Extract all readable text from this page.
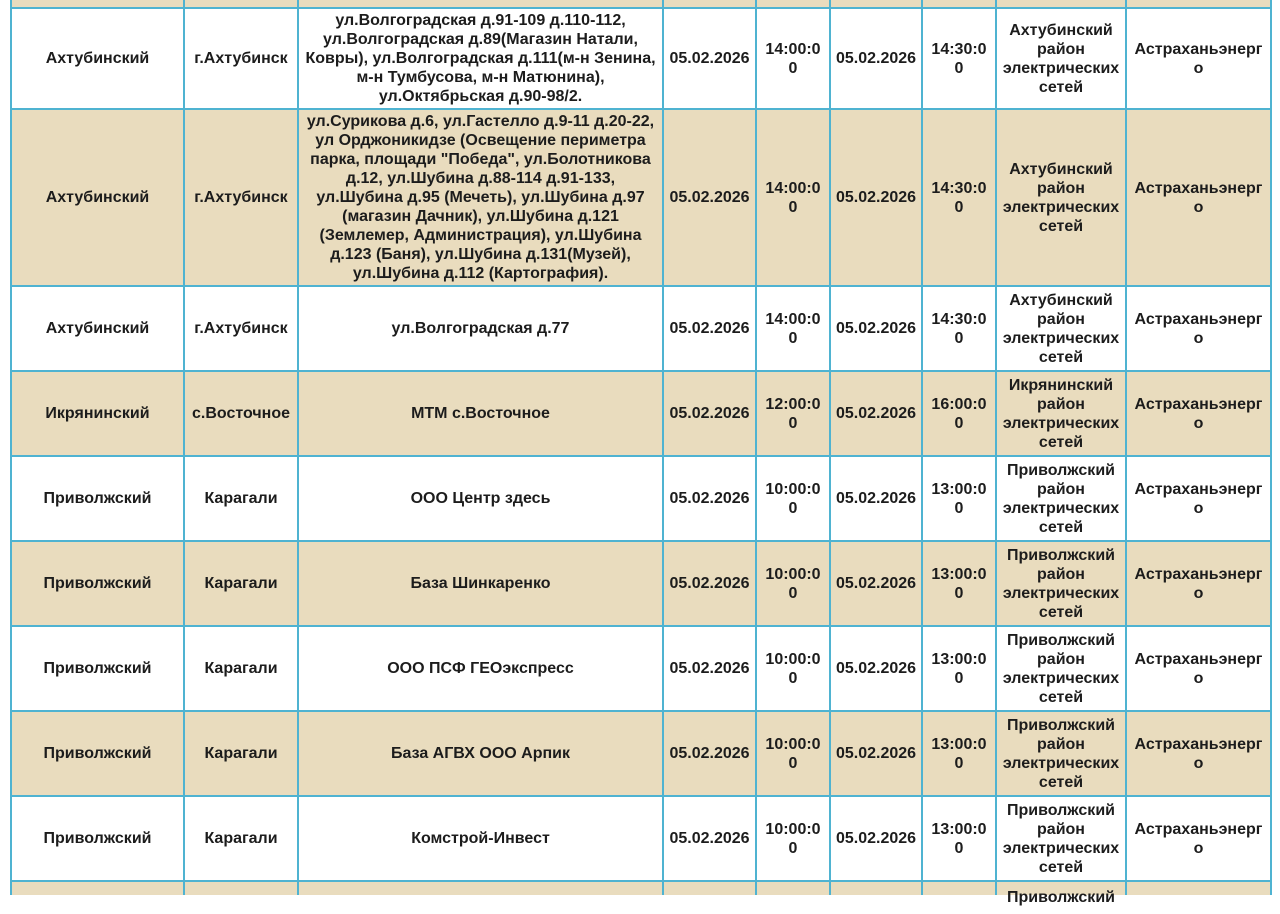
Ахтубинский	г.Ахтубинск	ул.Волгоградская д.91-109 д.110-112, ул.Волгоградская д.89(Магазин Натали, Ковры), ул.Волгоградская д.111(м-н Зенина, м-н Тумбусова, м-н Матюнина), ул.Октябрьская д.90-98/2.	05.02.2026	14:00:00	05.02.2026	14:30:00	Ахтубинский район электрических сетей	Астраханьэнерго
Ахтубинский	г.Ахтубинск	ул.Сурикова д.6, ул.Гастелло д.9-11 д.20-22, ул Орджоникидзе (Освещение периметра парка, площади "Победа", ул.Болотникова д.12, ул.Шубина д.88-114 д.91-133, ул.Шубина д.95 (Мечеть), ул.Шубина д.97 (магазин Дачник), ул.Шубина д.121 (Землемер, Администрация), ул.Шубина д.123 (Баня), ул.Шубина д.131(Музей), ул.Шубина д.112 (Картография).	05.02.2026	14:00:00	05.02.2026	14:30:00	Ахтубинский район электрических сетей	Астраханьэнерго
Ахтубинский	г.Ахтубинск	ул.Волгоградская д.77	05.02.2026	14:00:00	05.02.2026	14:30:00	Ахтубинский район электрических сетей	Астраханьэнерго
Икрянинский	с.Восточное	МТМ с.Восточное	05.02.2026	12:00:00	05.02.2026	16:00:00	Икрянинский район электрических сетей	Астраханьэнерго
Приволжский	Карагали	ООО Центр здесь	05.02.2026	10:00:00	05.02.2026	13:00:00	Приволжский район электрических сетей	Астраханьэнерго
Приволжский	Карагали	База Шинкаренко	05.02.2026	10:00:00	05.02.2026	13:00:00	Приволжский район электрических сетей	Астраханьэнерго
Приволжский	Карагали	ООО ПСФ ГЕОэкспресс	05.02.2026	10:00:00	05.02.2026	13:00:00	Приволжский район электрических сетей	Астраханьэнерго
Приволжский	Карагали	База АГВХ ООО Арпик	05.02.2026	10:00:00	05.02.2026	13:00:00	Приволжский район электрических сетей	Астраханьэнерго
Приволжский	Карагали	Комстрой-Инвест	05.02.2026	10:00:00	05.02.2026	13:00:00	Приволжский район электрических сетей	Астраханьэнерго

							Приволжский	
